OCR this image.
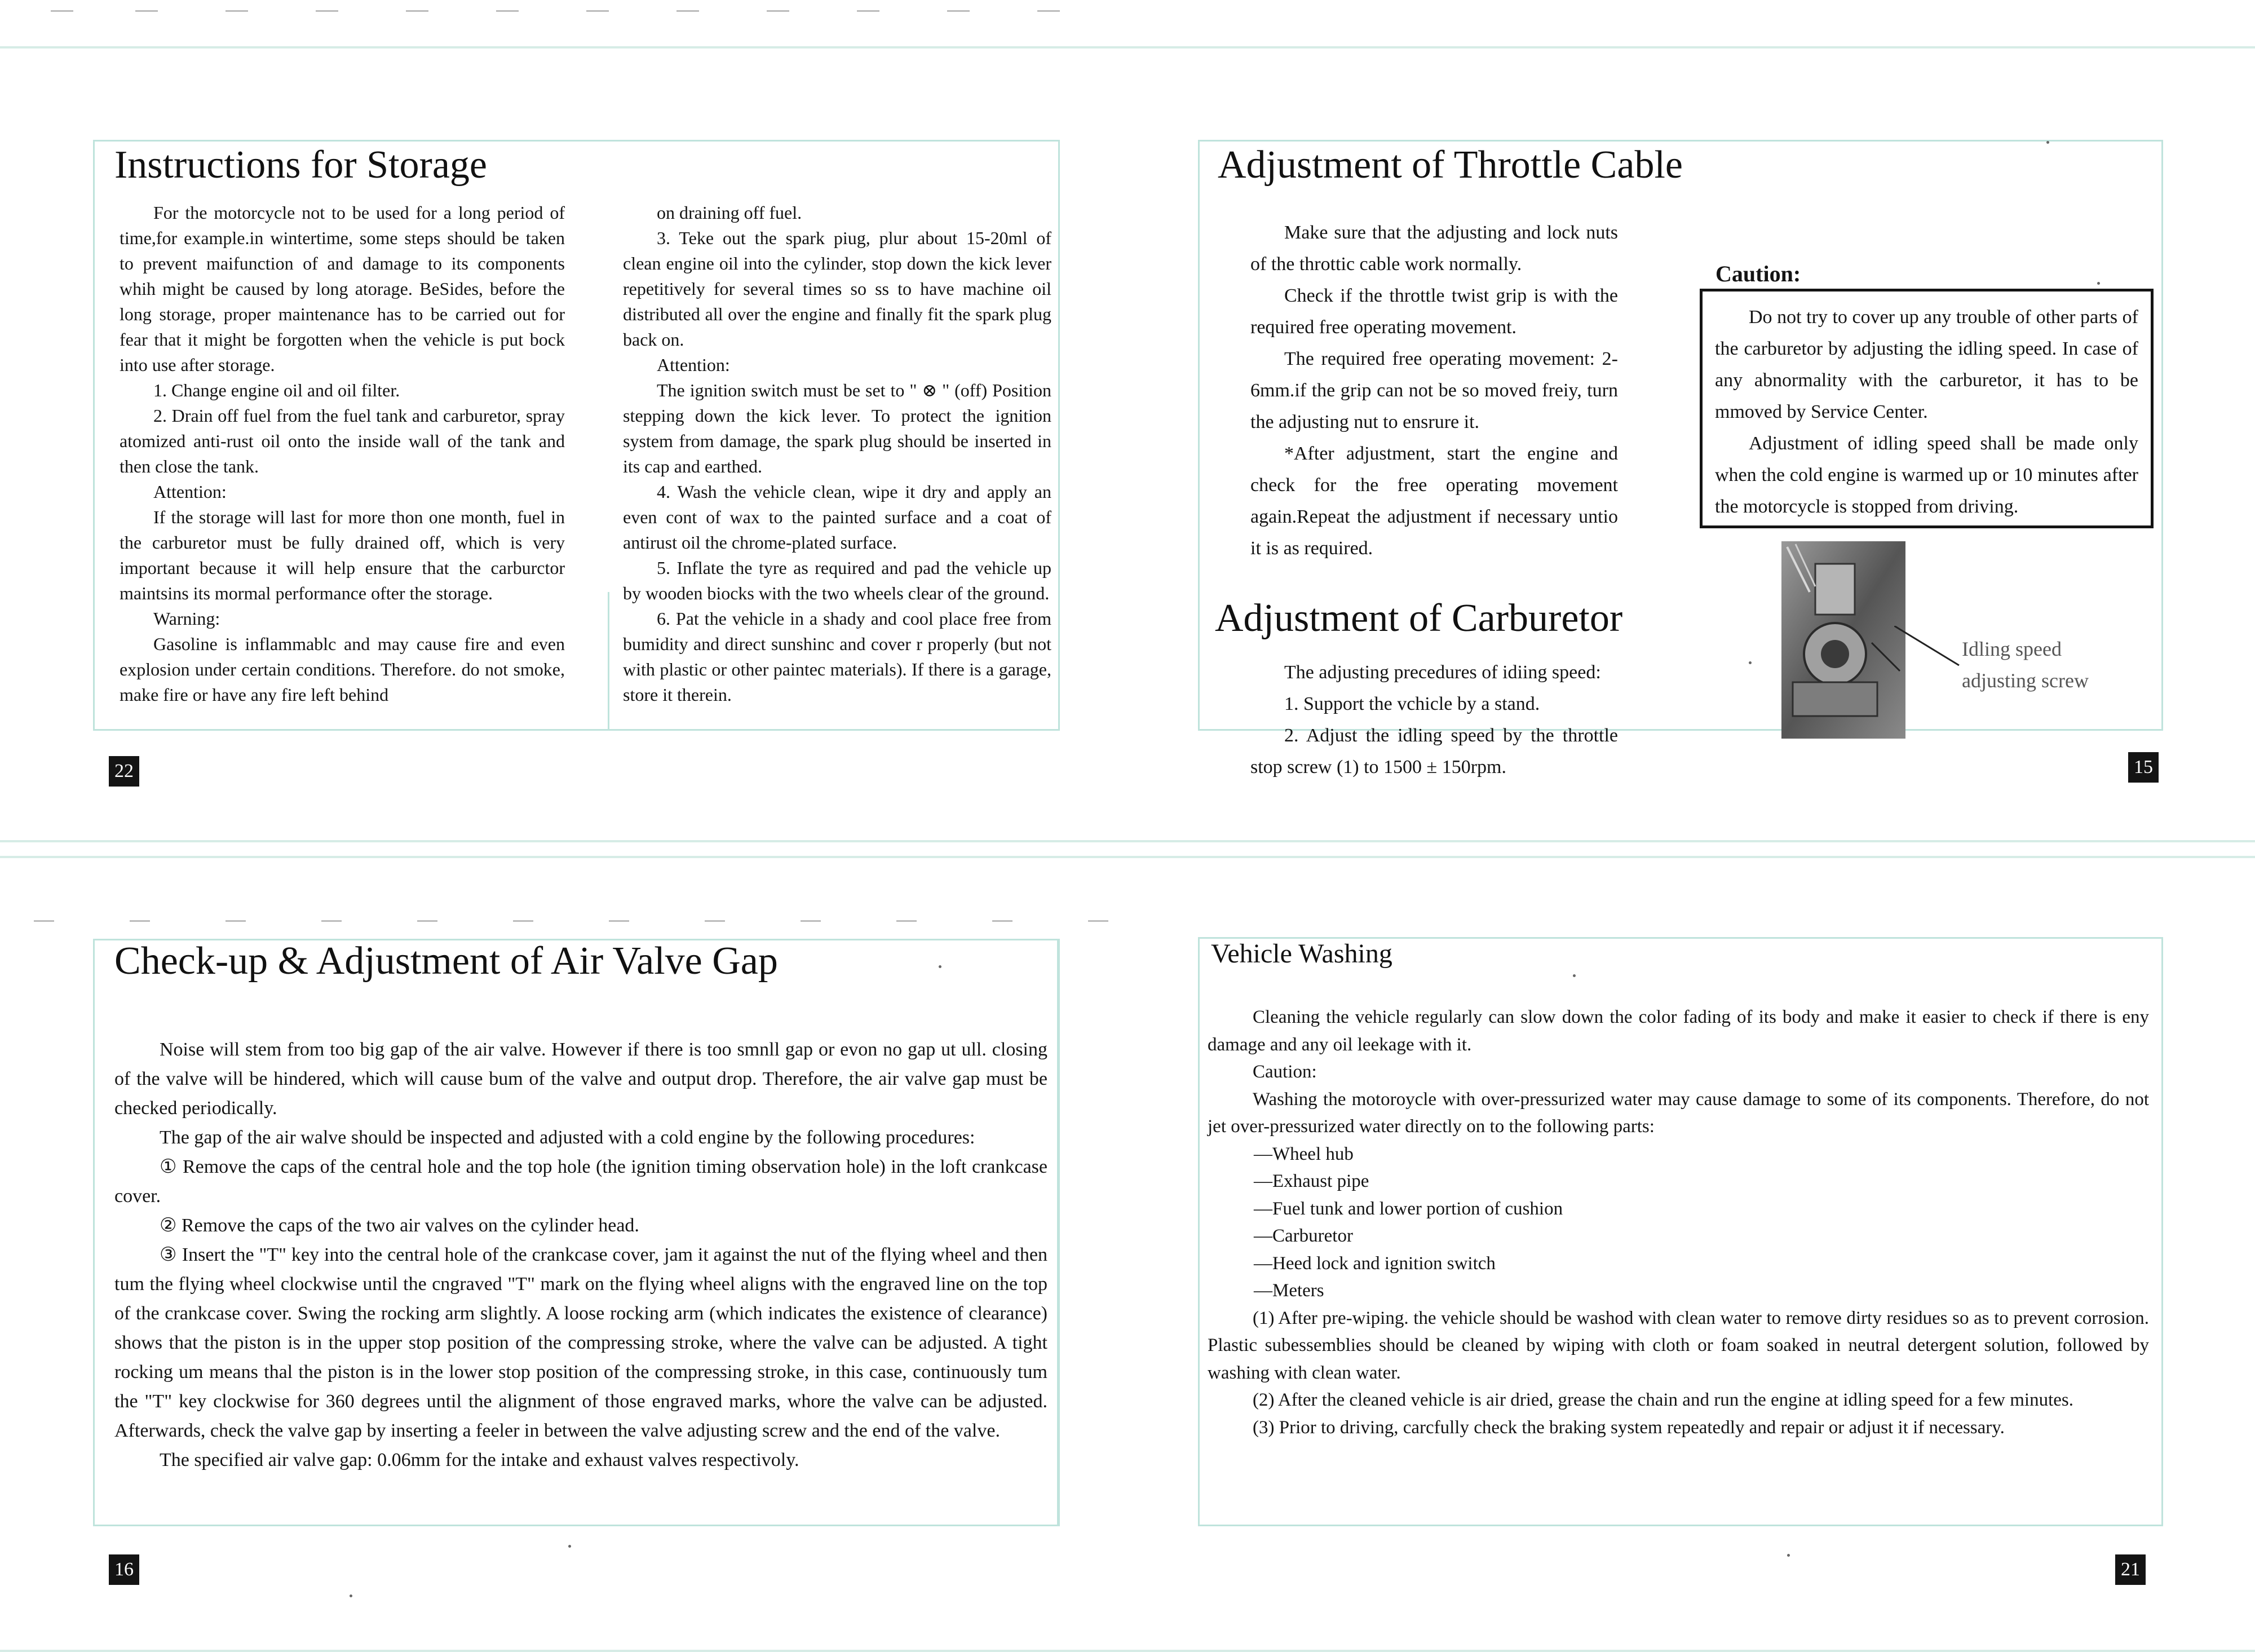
Instructions for Storage

For the motorcycle not to be used for a long period of time,for example.in wintertime, some steps should be taken to prevent maifunction of and damage to its components whih might be caused by long atorage. BeSides, before the long storage, proper maintenance has to be carried out for fear that it might be forgotten when the vehicle is put bock into use after storage.

1. Change engine oil and oil filter.

2. Drain off fuel from the fuel tank and carburetor, spray atomized anti-rust oil onto the inside wall of the tank and then close the tank.

Attention:

If the storage will last for more thon one month, fuel in the carburetor must be fully drained off, which is very important because it will help ensure that the carburctor maintsins its mormal performance ofter the storage.

Warning:

Gasoline is inflammablc and may cause fire and even explosion under certain conditions. Therefore. do not smoke, make fire or have any fire left behind

on draining off fuel.

3. Teke out the spark piug, plur about 15-20ml of clean engine oil into the cylinder, stop down the kick lever repetitively for several times so ss to have machine oil distributed all over the engine and finally fit the spark plug back on.

Attention:

The ignition switch must be set to " ⊗ " (off) Position stepping down the kick lever. To protect the ignition system from damage, the spark plug should be inserted in its cap and earthed.

4. Wash the vehicle clean, wipe it dry and apply an even cont of wax to the painted surface and a coat of antirust oil the chrome-plated surface.

5. Inflate the tyre as required and pad the vehicle up by wooden biocks with the two wheels clear of the ground.

6. Pat the vehicle in a shady and cool place free from bumidity and direct sunshinc and cover r properly (but not with plastic or other paintec materials). If there is a garage, store it therein.

22
Adjustment of Throttle Cable

Make sure that the adjusting and lock nuts of the throttic cable work normally.

Check if the throttle twist grip is with the required free operating movement.

The required free operating movement: 2-6mm.if the grip can not be so moved freiy, turn the adjusting nut to ensrure it.

*After adjustment, start the engine and check for the free operating movement again.Repeat the adjustment if necessary untio it is as required.

Adjustment of Carburetor

The adjusting precedures of idiing speed:

1. Support the vchicle by a stand.

2. Adjust the idling speed by the throttle stop screw (1) to 1500 ± 150rpm.

Caution:

Do not try to cover up any trouble of other parts of the carburetor by adjusting the idling speed. In case of any abnormality with the carburetor, it has to be mmoved by Service Center.

Adjustment of idling speed shall be made only when the cold engine is warmed up or 10 minutes after the motorcycle is stopped from driving.

Idling speed adjusting screw
15
Check-up & Adjustment of Air Valve Gap

Noise will stem from too big gap of the air valve. However if there is too smnll gap or evon no gap ut ull. closing of the valve will be hindered, which will cause bum of the valve and output drop. Therefore, the air valve gap must be checked periodically.

The gap of the air walve should be inspected and adjusted with a cold engine by the following procedures:

① Remove the caps of the central hole and the top hole (the ignition timing observation hole) in the loft crankcase cover.

② Remove the caps of the two air valves on the cylinder head.

③ Insert the "T" key into the central hole of the crankcase cover, jam it against the nut of the flying wheel and then tum the flying wheel clockwise until the cngraved "T" mark on the flying wheel aligns with the engraved line on the top of the crankcase cover. Swing the rocking arm slightly. A loose rocking arm (which indicates the existence of clearance) shows that the piston is in the upper stop position of the compressing stroke, where the valve can be adjusted. A tight rocking um means thal the piston is in the lower stop position of the compressing stroke, in this case, continuously tum the "T" key clockwise for 360 degrees until the alignment of those engraved marks, whore the valve can be adjusted. Afterwards, check the valve gap by inserting a feeler in between the valve adjusting screw and the end of the valve.

The specified air valve gap: 0.06mm for the intake and exhaust valves respectivoly.

16
Vehicle Washing

Cleaning the vehicle regularly can slow down the color fading of its body and make it easier to check if there is eny damage and any oil leekage with it.

Caution:

Washing the motoroycle with over-pressurized water may cause damage to some of its components. Therefore, do not jet over-pressurized water directly on to the following parts:

—Wheel hub

—Exhaust pipe

—Fuel tunk and lower portion of cushion

—Carburetor

—Heed lock and ignition switch

—Meters

(1) After pre-wiping. the vehicle should be washod with clean water to remove dirty residues so as to prevent corrosion. Plastic subessemblies should be cleaned by wiping with cloth or foam soaked in neutral detergent solution, followed by washing with clean water.

(2) After the cleaned vehicle is air dried, grease the chain and run the engine at idling speed for a few minutes.

(3) Prior to driving, carcfully check the braking system repeatedly and repair or adjust it if necessary.

21
